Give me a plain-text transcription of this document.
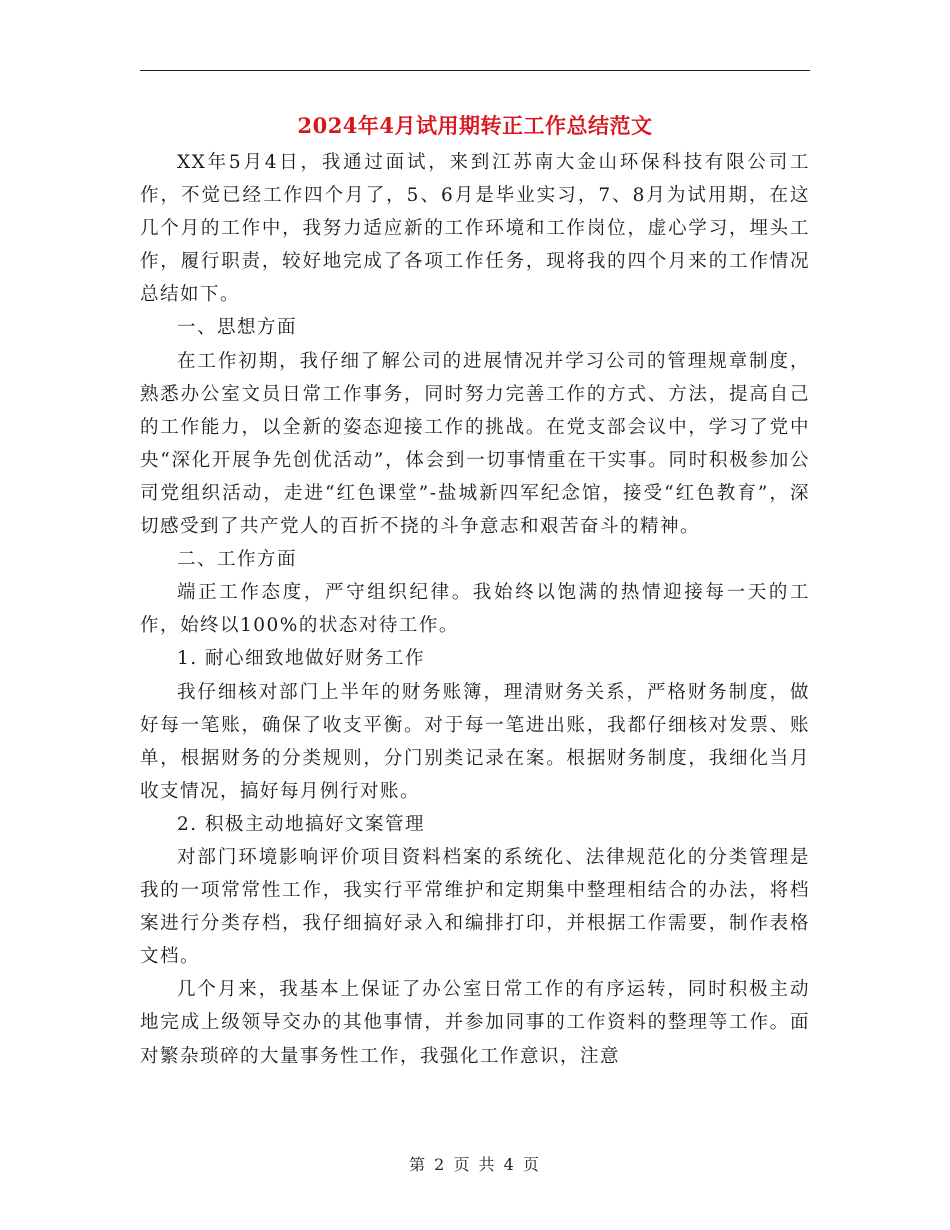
2024年4月试用期转正工作总结范文

XX年5月4日，我通过面试，来到江苏南大金山环保科技有限公司工作，不觉已经工作四个月了，5、6月是毕业实习，7、8月为试用期，在这几个月的工作中，我努力适应新的工作环境和工作岗位，虚心学习，埋头工作，履行职责，较好地完成了各项工作任务，现将我的四个月来的工作情况总结如下。

一、思想方面

在工作初期，我仔细了解公司的进展情况并学习公司的管理规章制度，熟悉办公室文员日常工作事务，同时努力完善工作的方式、方法，提高自己的工作能力，以全新的姿态迎接工作的挑战。在党支部会议中，学习了党中央“深化开展争先创优活动”，体会到一切事情重在干实事。同时积极参加公司党组织活动，走进“红色课堂”-盐城新四军纪念馆，接受“红色教育”，深切感受到了共产党人的百折不挠的斗争意志和艰苦奋斗的精神。

二、工作方面

端正工作态度，严守组织纪律。我始终以饱满的热情迎接每一天的工作，始终以100%的状态对待工作。

1. 耐心细致地做好财务工作

我仔细核对部门上半年的财务账簿，理清财务关系，严格财务制度，做好每一笔账，确保了收支平衡。对于每一笔进出账，我都仔细核对发票、账单，根据财务的分类规则，分门别类记录在案。根据财务制度，我细化当月收支情况，搞好每月例行对账。

2. 积极主动地搞好文案管理

对部门环境影响评价项目资料档案的系统化、法律规范化的分类管理是我的一项常常性工作，我实行平常维护和定期集中整理相结合的办法，将档案进行分类存档，我仔细搞好录入和编排打印，并根据工作需要，制作表格文档。

几个月来，我基本上保证了办公室日常工作的有序运转，同时积极主动地完成上级领导交办的其他事情，并参加同事的工作资料的整理等工作。面对繁杂琐碎的大量事务性工作，我强化工作意识，注意

第 2 页 共 4 页
